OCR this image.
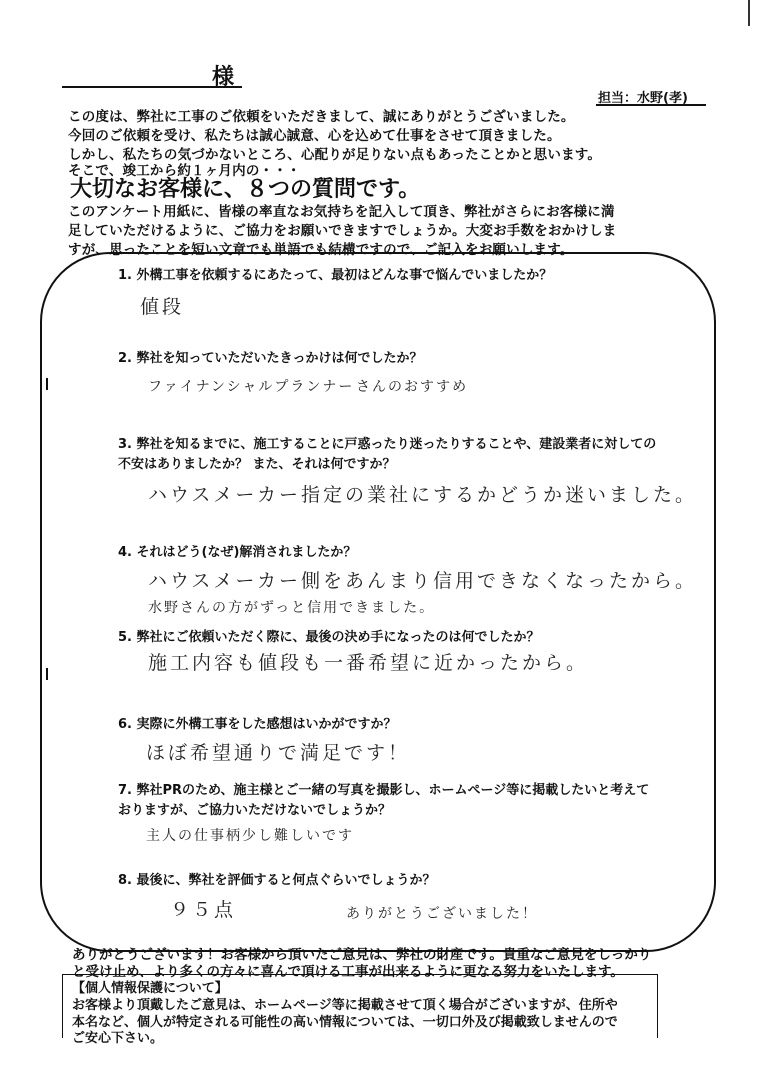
様
担当：水野(孝)
この度は、弊社に工事のご依頼をいただきまして、誠にありがとうございました。
今回のご依頼を受け、私たちは誠心誠意、心を込めて仕事をさせて頂きました。
しかし、私たちの気づかないところ、心配りが足りない点もあったことかと思います。
そこで、竣工から約１ヶ月内の・・・
大切なお客様に、８つの質問です。
このアンケート用紙に、皆様の率直なお気持ちを記入して頂き、弊社がさらにお客様に満
足していただけるように、ご協力をお願いできますでしょうか。大変お手数をおかけしま
すが、思ったことを短い文章でも単語でも結構ですので、ご記入をお願いします。
1. 外構工事を依頼するにあたって、最初はどんな事で悩んでいましたか？
値段
2. 弊社を知っていただいたきっかけは何でしたか？
ファイナンシャルプランナー さんのおすすめ
3. 弊社を知るまでに、施工することに戸惑ったり迷ったりすることや、建設業者に対しての
不安はありましたか？ また、それは何ですか？
ハウスメーカー指定の業社にするかどうか迷いました。
4. それはどう(なぜ)解消されましたか？
ハウスメーカー側をあんまり信用できなくなったから。
水野さんの方がずっと信用できました。
5. 弊社にご依頼いただく際に、最後の決め手になったのは何でしたか？
施工内容も値段も一番希望に近かったから。
6. 実際に外構工事をした感想はいかがですか？
ほぼ希望通りで満足です！
7. 弊社PRのため、施主様とご一緒の写真を撮影し、ホームページ等に掲載したいと考えて
おりますが、ご協力いただけないでしょうか？
主人の仕事柄少し難しいです
8. 最後に、弊社を評価すると何点ぐらいでしょうか？
９５点	ありがとうございました！
ありがとうございます！お客様から頂いたご意見は、弊社の財産です。貴重なご意見をしっかり
と受け止め、より多くの方々に喜んで頂ける工事が出来るように更なる努力をいたします。
【個人情報保護について】
お客様より頂戴したご意見は、ホームページ等に掲載させて頂く場合がございますが、住所や
本名など、個人が特定される可能性の高い情報については、一切口外及び掲載致しませんので
ご安心下さい。
